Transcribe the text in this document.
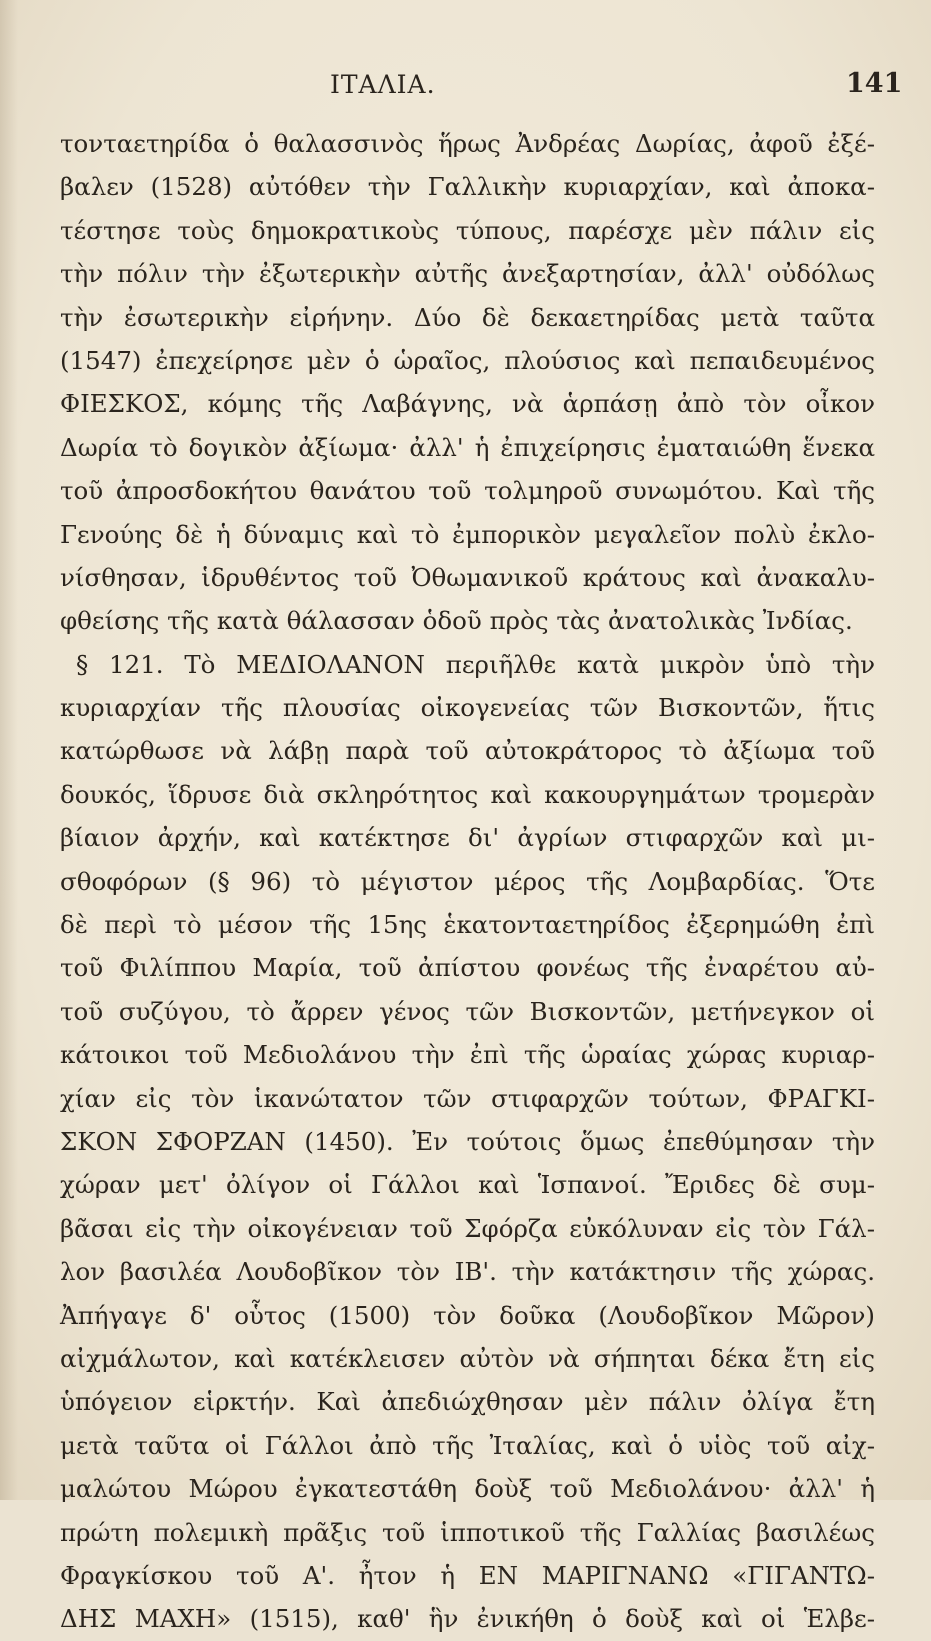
ΙΤΑΛΙΑ.	141
τονταετηρίδα ὁ θαλασσινὸς ἥρως Ἀνδρέας Δωρίας, ἀφοῦ ἐξέ-
βαλεν (1528) αὐτόθεν τὴν Γαλλικὴν κυριαρχίαν, καὶ ἀποκα-
τέστησε τοὺς δημοκρατικοὺς τύπους, παρέσχε μὲν πάλιν εἰς
τὴν πόλιν τὴν ἐξωτερικὴν αὐτῆς ἀνεξαρτησίαν, ἀλλ' οὐδόλως
τὴν ἐσωτερικὴν εἰρήνην. Δύο δὲ δεκαετηρίδας μετὰ ταῦτα
(1547) ἐπεχείρησε μὲν ὁ ὡραῖος, πλούσιος καὶ πεπαιδευμένος
ΦΙΕΣΚΟΣ, κόμης τῆς Λαβάγνης, νὰ ἁρπάσῃ ἀπὸ τὸν οἶκον
Δωρία τὸ δογικὸν ἀξίωμα· ἀλλ' ἡ ἐπιχείρησις ἐματαιώθη ἕνεκα
τοῦ ἀπροσδοκήτου θανάτου τοῦ τολμηροῦ συνωμότου. Καὶ τῆς
Γενούης δὲ ἡ δύναμις καὶ τὸ ἐμπορικὸν μεγαλεῖον πολὺ ἐκλο-
νίσθησαν, ἱδρυθέντος τοῦ Ὀθωμανικοῦ κράτους καὶ ἀνακαλυ-
φθείσης τῆς κατὰ θάλασσαν ὁδοῦ πρὸς τὰς ἀνατολικὰς Ἰνδίας.
§ 121. Τὸ ΜΕΔΙΟΛΑΝΟΝ περιῆλθε κατὰ μικρὸν ὑπὸ τὴν
κυριαρχίαν τῆς πλουσίας οἰκογενείας τῶν Βισκοντῶν, ἥτις
κατώρθωσε νὰ λάβῃ παρὰ τοῦ αὐτοκράτορος τὸ ἀξίωμα τοῦ
δουκός, ἵδρυσε διὰ σκληρότητος καὶ κακουργημάτων τρομερὰν
βίαιον ἀρχήν, καὶ κατέκτησε δι' ἀγρίων στιφαρχῶν καὶ μι-
σθοφόρων (§ 96) τὸ μέγιστον μέρος τῆς Λομβαρδίας. Ὅτε
δὲ περὶ τὸ μέσον τῆς 15ης ἑκατονταετηρίδος ἐξερημώθη ἐπὶ
τοῦ Φιλίππου Μαρία, τοῦ ἀπίστου φονέως τῆς ἐναρέτου αὐ-
τοῦ συζύγου, τὸ ἄρρεν γένος τῶν Βισκοντῶν, μετήνεγκον οἱ
κάτοικοι τοῦ Μεδιολάνου τὴν ἐπὶ τῆς ὡραίας χώρας κυριαρ-
χίαν εἰς τὸν ἱκανώτατον τῶν στιφαρχῶν τούτων, ΦΡΑΓΚΙ-
ΣΚΟΝ ΣΦΟΡΖΑΝ (1450). Ἐν τούτοις ὅμως ἐπεθύμησαν τὴν
χώραν μετ' ὀλίγον οἱ Γάλλοι καὶ Ἱσπανοί. Ἔριδες δὲ συμ-
βᾶσαι εἰς τὴν οἰκογένειαν τοῦ Σφόρζα εὐκόλυναν εἰς τὸν Γάλ-
λον βασιλέα Λουδοβῖκον τὸν ΙΒ'. τὴν κατάκτησιν τῆς χώρας.
Ἀπήγαγε δ' οὗτος (1500) τὸν δοῦκα (Λουδοβῖκον Μῶρον)
αἰχμάλωτον, καὶ κατέκλεισεν αὐτὸν νὰ σήπηται δέκα ἔτη εἰς
ὑπόγειον εἱρκτήν. Καὶ ἀπεδιώχθησαν μὲν πάλιν ὀλίγα ἔτη
μετὰ ταῦτα οἱ Γάλλοι ἀπὸ τῆς Ἰταλίας, καὶ ὁ υἱὸς τοῦ αἰχ-
μαλώτου Μώρου ἐγκατεστάθη δοὺξ τοῦ Μεδιολάνου· ἀλλ' ἡ
πρώτη πολεμικὴ πρᾶξις τοῦ ἱπποτικοῦ τῆς Γαλλίας βασιλέως
Φραγκίσκου τοῦ Α'. ἦτον ἡ ΕΝ ΜΑΡΙΓΝΑΝΩ «ΓΙΓΑΝΤΩ-
ΔΗΣ ΜΑΧΗ» (1515), καθ' ἣν ἐνικήθη ὁ δοὺξ καὶ οἱ Ἑλβε-
